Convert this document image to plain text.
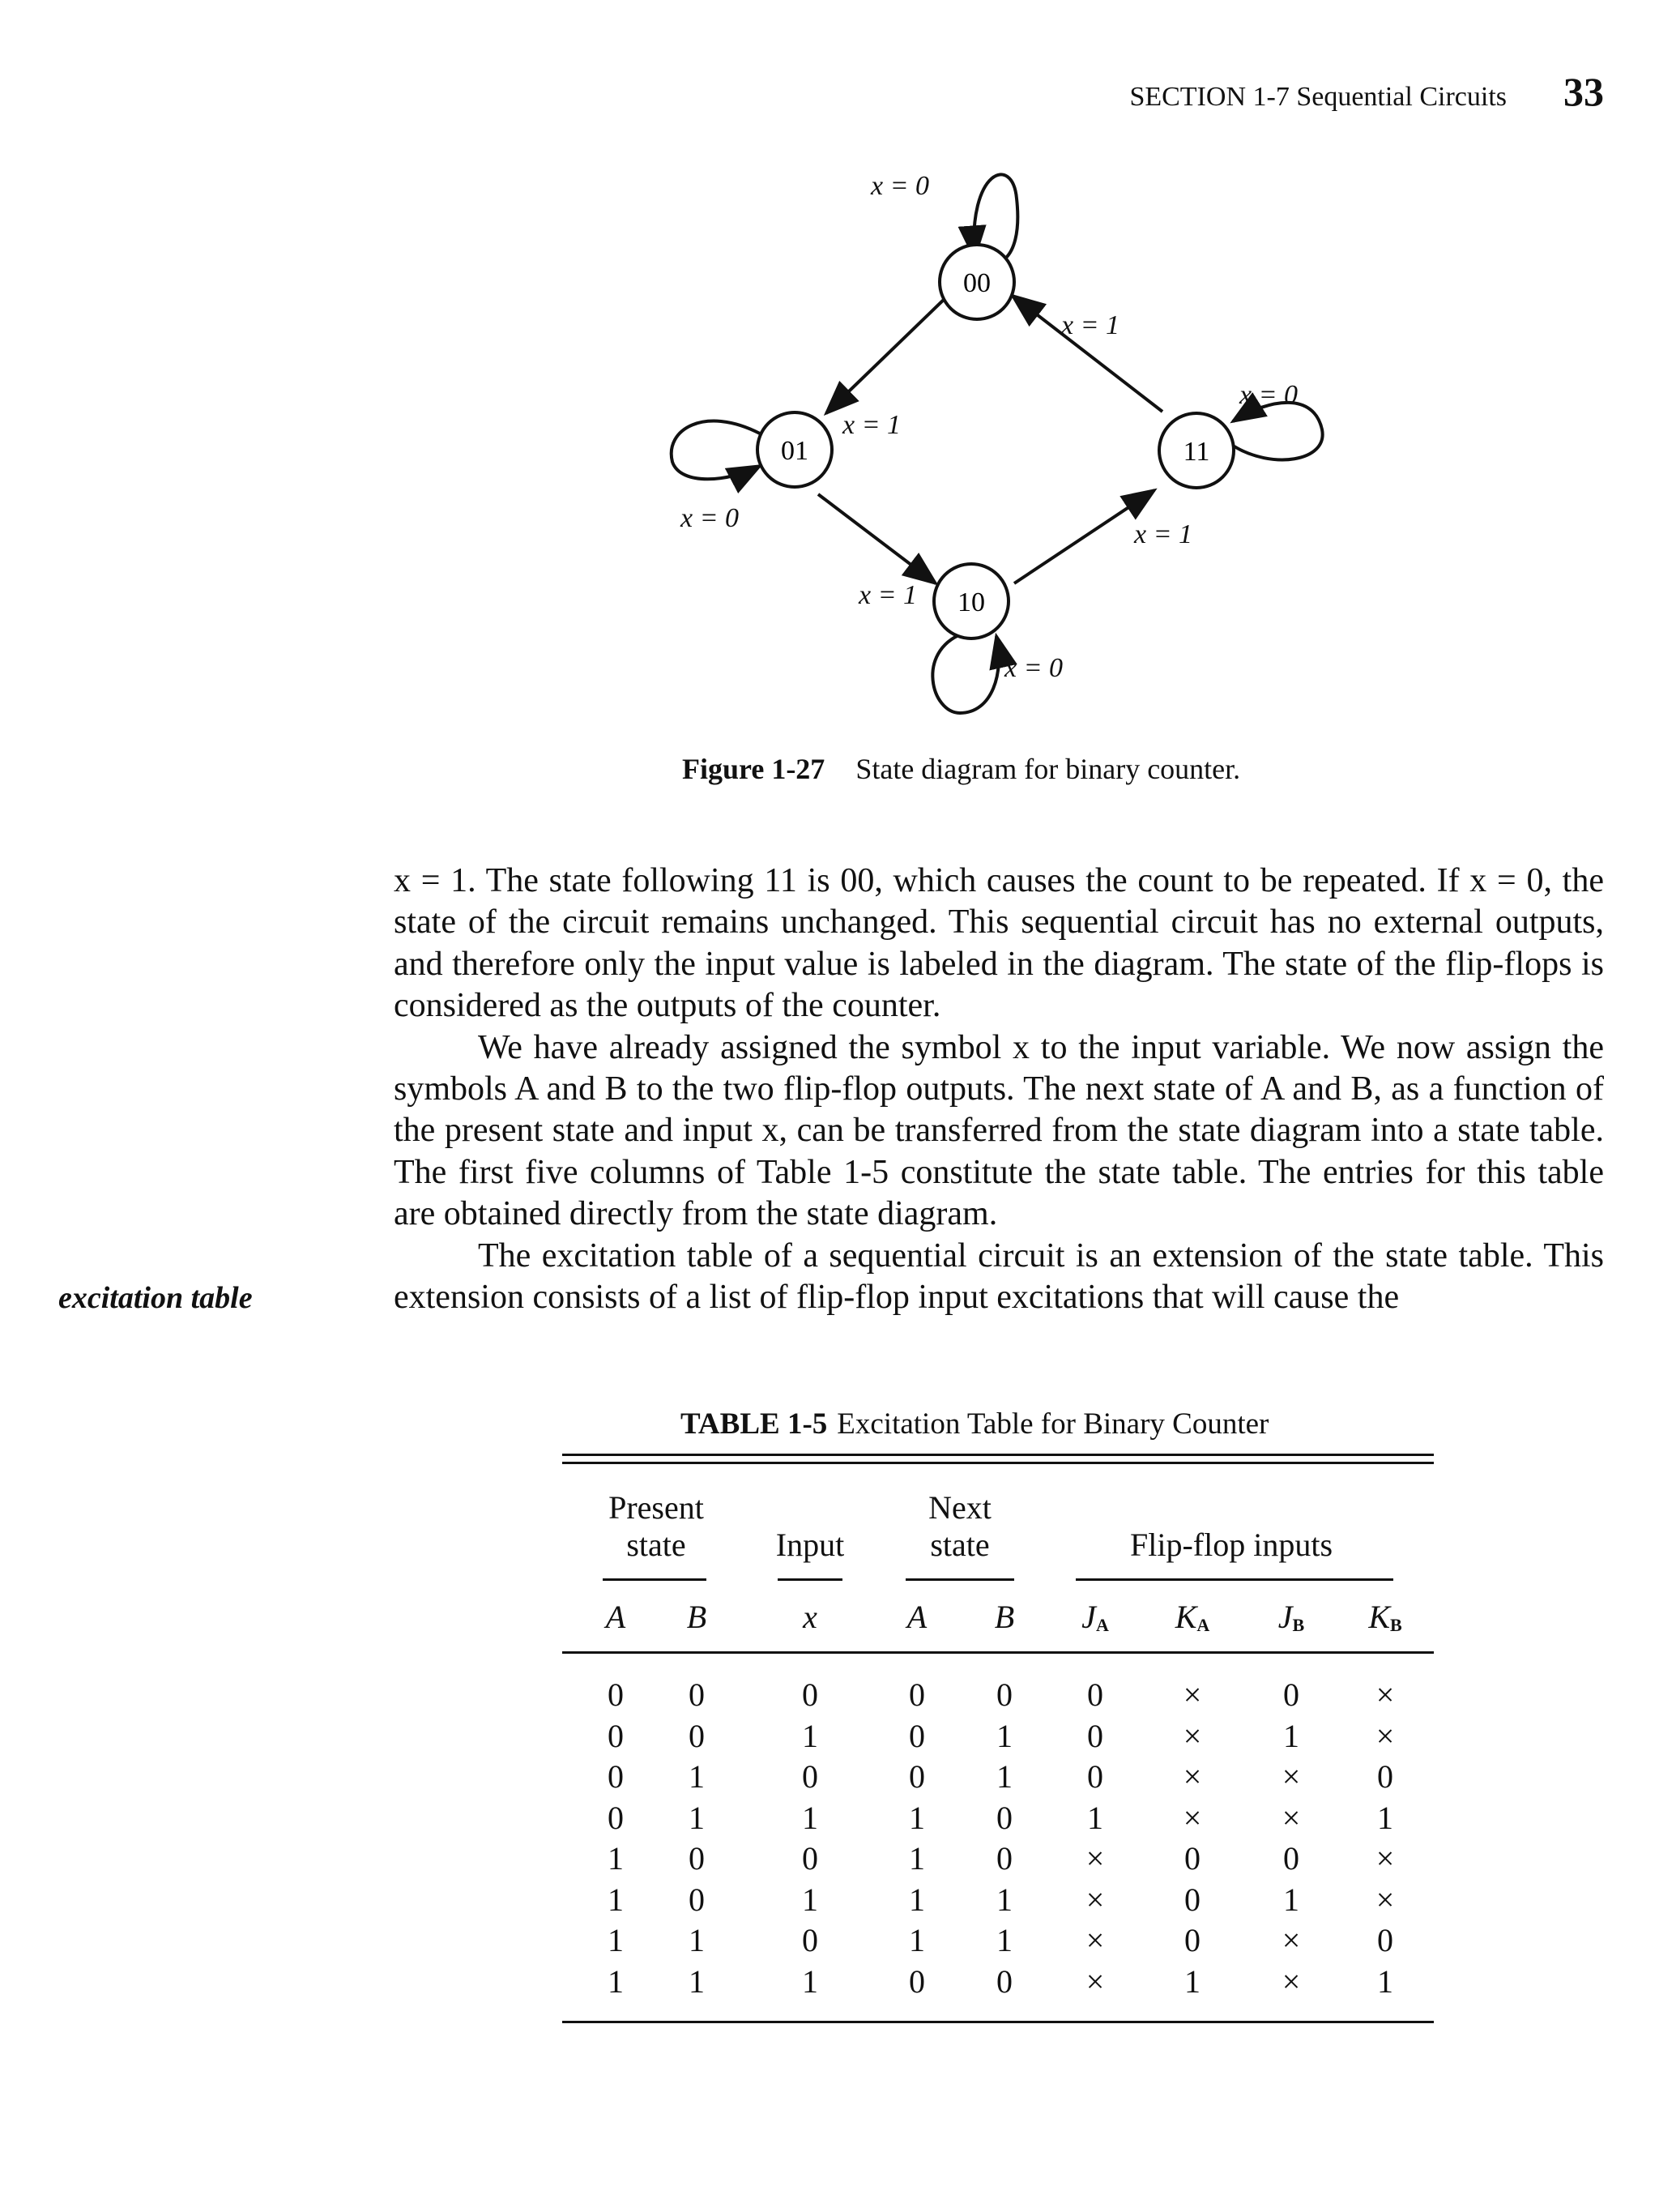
SECTION 1-7 Sequential Circuits 33
00
01
10
11
x = 0
x = 1
x = 0
x = 1
x = 0
x = 1
x = 0
x = 1
Figure 1-27 State diagram for binary counter.

x = 1. The state following 11 is 00, which causes the count to be repeated. If x = 0, the state of the circuit remains unchanged. This sequential circuit has no external outputs, and therefore only the input value is labeled in the diagram. The state of the flip-flops is considered as the outputs of the counter.

We have already assigned the symbol x to the input variable. We now assign the symbols A and B to the two flip-flop outputs. The next state of A and B, as a function of the present state and input x, can be transferred from the state diagram into a state table. The first five columns of Table 1-5 constitute the state table. The entries for this table are obtained directly from the state diagram.

The excitation table of a sequential circuit is an extension of the state table. This extension consists of a list of flip-flop input excitations that will cause the

excitation table
TABLE 1-5 Excitation Table for Binary Counter
Present
state	Input
Next
state	Flip-flop inputs
A	B	x	A	B	$J_A$	$K_A$	$J_B$	$K_B$
0	0	0	0	0	0	×	0	×
0	0	1	0	1	0	×	1	×
0	1	0	0	1	0	×	×	0
0	1	1	1	0	1	×	×	1
1	0	0	1	0	×	0	0	×
1	0	1	1	1	×	0	1	×
1	1	0	1	1	×	0	×	0
1	1	1	0	0	×	1	×	1
